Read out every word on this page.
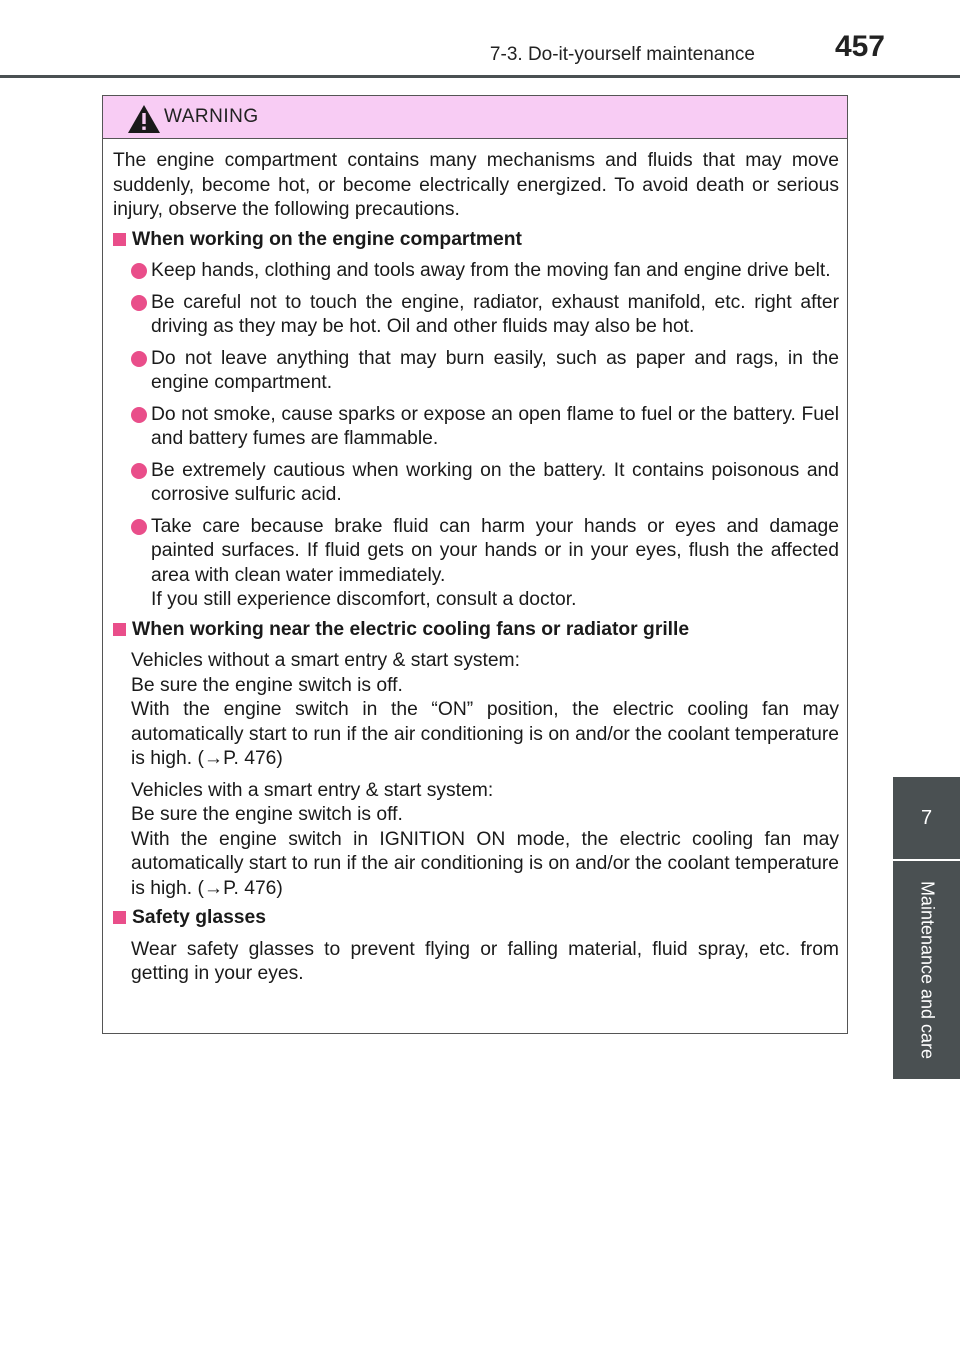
7-3. Do-it-yourself maintenance	457
7
Maintenance and care
WARNING

The engine compartment contains many mechanisms and fluids that may move suddenly, become hot, or become electrically energized. To avoid death or serious injury, observe the following precautions.

When working on the engine compartment

Keep hands, clothing and tools away from the moving fan and engine drive belt.

Be careful not to touch the engine, radiator, exhaust manifold, etc. right after driving as they may be hot. Oil and other fluids may also be hot.

Do not leave anything that may burn easily, such as paper and rags, in the engine compartment.

Do not smoke, cause sparks or expose an open flame to fuel or the battery. Fuel and battery fumes are flammable.

Be extremely cautious when working on the battery. It contains poisonous and corrosive sulfuric acid.

Take care because brake fluid can harm your hands or eyes and damage painted surfaces. If fluid gets on your hands or in your eyes, flush the affected area with clean water immediately.
If you still experience discomfort, consult a doctor.

When working near the electric cooling fans or radiator grille

Vehicles without a smart entry & start system:
Be sure the engine switch is off.
With the engine switch in the “ON” position, the electric cooling fan may automatically start to run if the air conditioning is on and/or the coolant temperature is high. (→P. 476)

Vehicles with a smart entry & start system:
Be sure the engine switch is off.
With the engine switch in IGNITION ON mode, the electric cooling fan may automatically start to run if the air conditioning is on and/or the coolant temperature is high. (→P. 476)

Safety glasses

Wear safety glasses to prevent flying or falling material, fluid spray, etc. from getting in your eyes.
